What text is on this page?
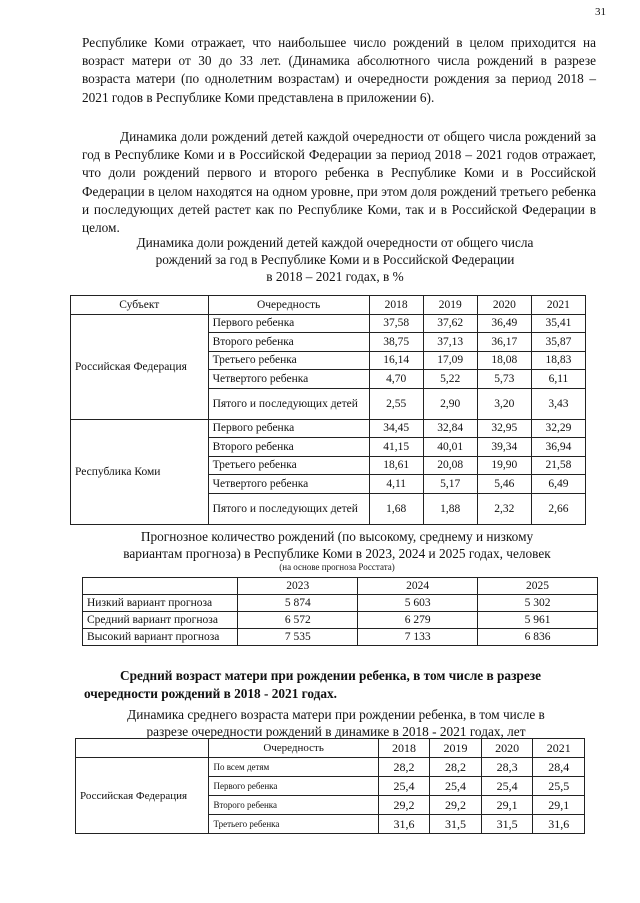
31

Республике Коми отражает, что наибольшее число рождений в целом приходится на возраст матери от 30 до 33 лет. (Динамика абсолютного числа рождений в разрезе возраста матери (по однолетним возрастам) и очередности рождения за период 2018 – 2021 годов в Республике Коми представлена в приложении 6).

Динамика доли рождений детей каждой очередности от общего числа рождений за год в Республике Коми и в Российской Федерации за период 2018 – 2021 годов отражает, что доли рождений первого и второго ребенка в Республике Коми и в Российской Федерации в целом находятся на одном уровне, при этом доля рождений третьего ребенка и последующих детей растет как по Республике Коми, так и в Российской Федерации в целом.

Динамика доли рождений детей каждой очередности от общего числа
рождений за год в Республике Коми и в Российской Федерации
в 2018 – 2021 годах, в %
Субъект	Очередность	2018	2019	2020	2021
Российская Федерация	Первого ребенка	37,58	37,62	36,49	35,41
	Второго ребенка	38,75	37,13	36,17	35,87
	Третьего ребенка	16,14	17,09	18,08	18,83
	Четвертого ребенка	4,70	5,22	5,73	6,11
	Пятого и последующих детей	2,55	2,90	3,20	3,43
Республика Коми	Первого ребенка	34,45	32,84	32,95	32,29
	Второго ребенка	41,15	40,01	39,34	36,94
	Третьего ребенка	18,61	20,08	19,90	21,58
	Четвертого ребенка	4,11	5,17	5,46	6,49
	Пятого и последующих детей	1,68	1,88	2,32	2,66
Прогнозное количество рождений (по высокому, среднему и низкому
вариантам прогноза) в Республике Коми в 2023, 2024 и 2025 годах, человек
(на основе прогноза Росстата)
	2023	2024	2025
Низкий вариант прогноза	5 874	5 603	5 302
Средний вариант прогноза	6 572	6 279	5 961
Высокий вариант прогноза	7 535	7 133	6 836

Средний возраст матери при рождении ребенка, в том числе в разрезе очередности рождений в 2018 - 2021 годах.

Динамика среднего возраста матери при рождении ребенка, в том числе в
разрезе очередности рождений в динамике в 2018 - 2021 годах, лет
	Очередность	2018	2019	2020	2021
Российская Федерация	По всем детям	28,2	28,2	28,3	28,4
	Первого ребенка	25,4	25,4	25,4	25,5
	Второго ребенка	29,2	29,2	29,1	29,1
	Третьего ребенка	31,6	31,5	31,5	31,6
